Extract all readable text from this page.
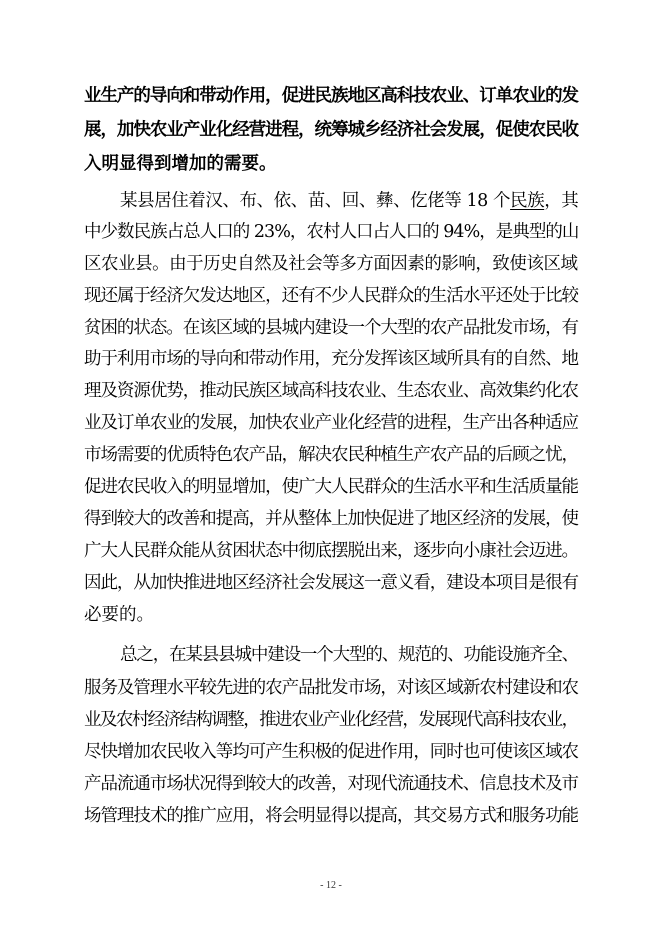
业生产的导向和带动作用，促进民族地区高科技农业、订单农业的发
展，加快农业产业化经营进程，统筹城乡经济社会发展，促使农民收
入明显得到增加的需要。
某县居住着汉、布、依、苗、回、彝、仡佬等 18 个民族，其
中少数民族占总人口的 23%，农村人口占人口的 94%，是典型的山
区农业县。由于历史自然及社会等多方面因素的影响，致使该区域
现还属于经济欠发达地区，还有不少人民群众的生活水平还处于比较
贫困的状态。在该区域的县城内建设一个大型的农产品批发市场，有
助于利用市场的导向和带动作用，充分发挥该区域所具有的自然、地
理及资源优势，推动民族区域高科技农业、生态农业、高效集约化农
业及订单农业的发展，加快农业产业化经营的进程，生产出各种适应
市场需要的优质特色农产品，解决农民种植生产农产品的后顾之忧，
促进农民收入的明显增加，使广大人民群众的生活水平和生活质量能
得到较大的改善和提高，并从整体上加快促进了地区经济的发展，使
广大人民群众能从贫困状态中彻底摆脱出来，逐步向小康社会迈进。
因此，从加快推进地区经济社会发展这一意义看，建设本项目是很有
必要的。
总之，在某县县城中建设一个大型的、规范的、功能设施齐全、
服务及管理水平较先进的农产品批发市场，对该区域新农村建设和农
业及农村经济结构调整，推进农业产业化经营，发展现代高科技农业，
尽快增加农民收入等均可产生积极的促进作用，同时也可使该区域农
产品流通市场状况得到较大的改善，对现代流通技术、信息技术及市
场管理技术的推广应用，将会明显得以提高，其交易方式和服务功能
- 12 -
